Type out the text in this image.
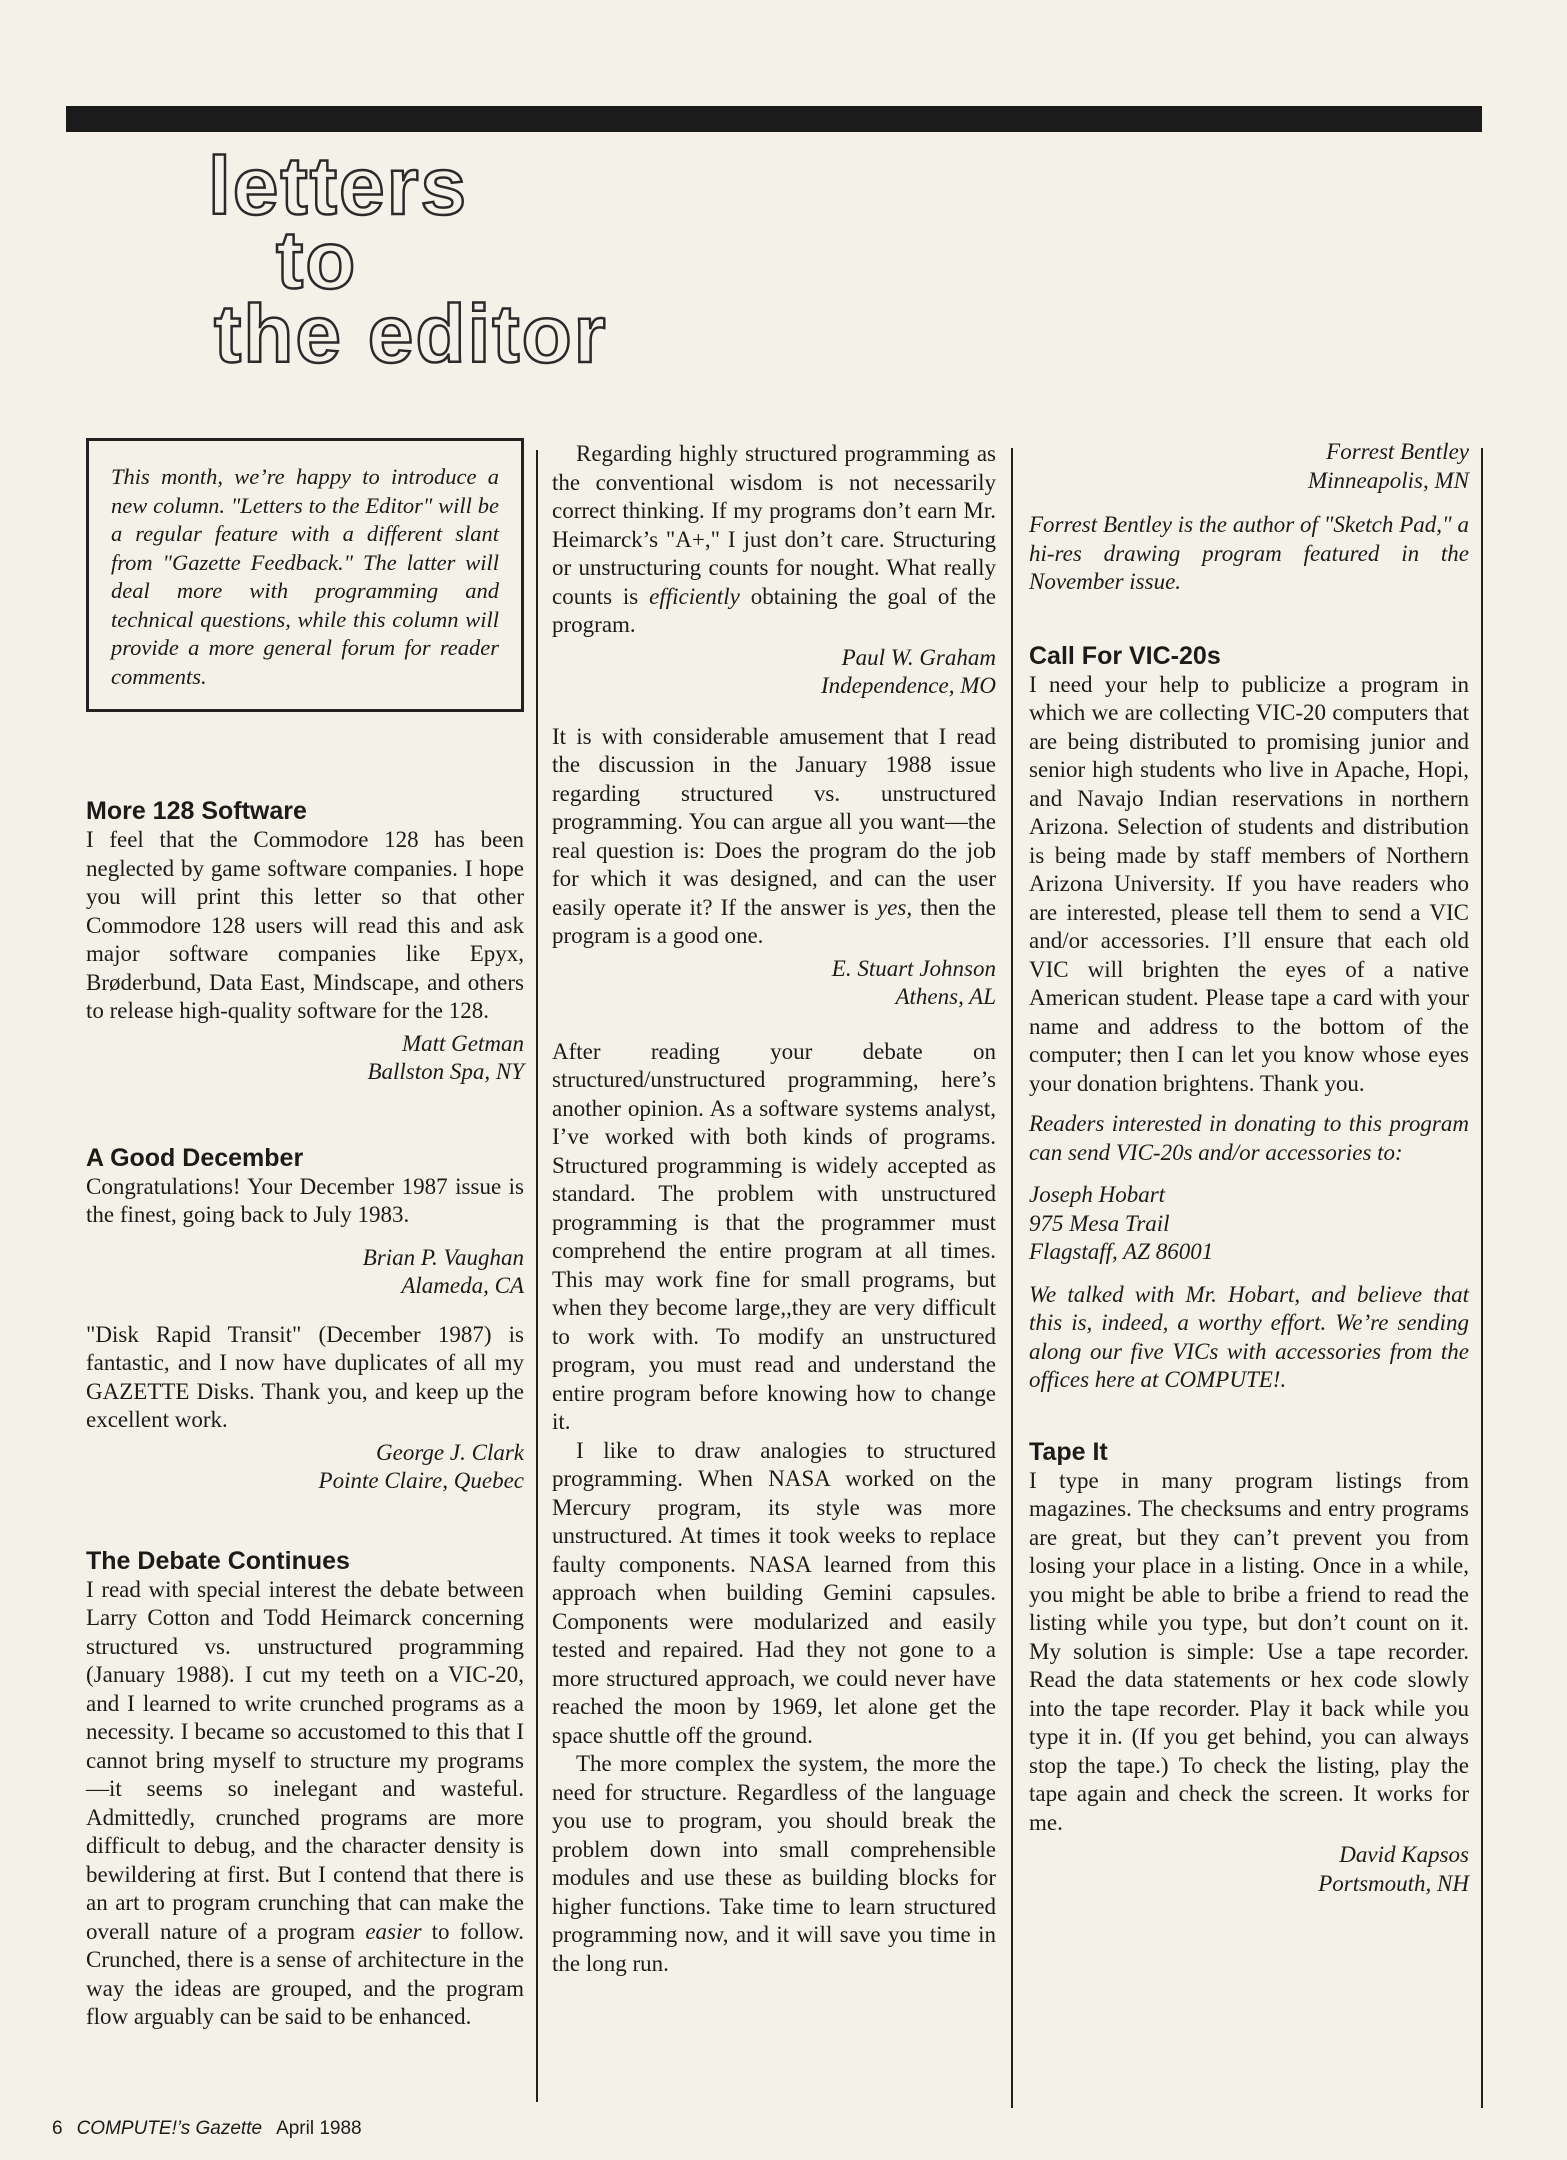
letters
to
the editor
This month, we’re happy to introduce a new column. "Letters to the Editor" will be a regular feature with a different slant from "Gazette Feedback." The latter will deal more with programming and technical questions, while this column will provide a more general forum for reader comments.
More 128 Software

I feel that the Commodore 128 has been neglected by game software companies. I hope you will print this letter so that other Commodore 128 users will read this and ask major software companies like Epyx, Brøderbund, Data East, Mindscape, and others to release high-quality software for the 128.

Matt Getman
Ballston Spa, NY
A Good December

Congratulations! Your December 1987 issue is the finest, going back to July 1983.

Brian P. Vaughan
Alameda, CA

"Disk Rapid Transit" (December 1987) is fantastic, and I now have duplicates of all my GAZETTE Disks. Thank you, and keep up the excellent work.

George J. Clark
Pointe Claire, Quebec
The Debate Continues

I read with special interest the debate between Larry Cotton and Todd Heimarck concerning structured vs. unstructured programming (January 1988). I cut my teeth on a VIC-20, and I learned to write crunched programs as a necessity. I became so accustomed to this that I cannot bring myself to structure my programs—it seems so inelegant and wasteful. Admittedly, crunched programs are more difficult to debug, and the character density is bewildering at first. But I contend that there is an art to program crunching that can make the overall nature of a program easier to follow. Crunched, there is a sense of architecture in the way the ideas are grouped, and the program flow arguably can be said to be enhanced.

Regarding highly structured programming as the conventional wisdom is not necessarily correct thinking. If my programs don’t earn Mr. Heimarck’s "A+," I just don’t care. Structuring or unstructuring counts for nought. What really counts is efficiently obtaining the goal of the program.

Paul W. Graham
Independence, MO

It is with considerable amusement that I read the discussion in the January 1988 issue regarding structured vs. unstructured programming. You can argue all you want—the real question is: Does the program do the job for which it was designed, and can the user easily operate it? If the answer is yes, then the program is a good one.

E. Stuart Johnson
Athens, AL

After reading your debate on structured/unstructured programming, here’s another opinion. As a software systems analyst, I’ve worked with both kinds of programs. Structured programming is widely accepted as standard. The problem with unstructured programming is that the programmer must comprehend the entire program at all times. This may work fine for small programs, but when they become large,,they are very difficult to work with. To modify an unstructured program, you must read and understand the entire program before knowing how to change it.

I like to draw analogies to structured programming. When NASA worked on the Mercury program, its style was more unstructured. At times it took weeks to replace faulty components. NASA learned from this approach when building Gemini capsules. Components were modularized and easily tested and repaired. Had they not gone to a more structured approach, we could never have reached the moon by 1969, let alone get the space shuttle off the ground.

The more complex the system, the more the need for structure. Regardless of the language you use to program, you should break the problem down into small comprehensible modules and use these as building blocks for higher functions. Take time to learn structured programming now, and it will save you time in the long run.

Forrest Bentley
Minneapolis, MN

Forrest Bentley is the author of "Sketch Pad," a hi-res drawing program featured in the November issue.

Call For VIC-20s

I need your help to publicize a program in which we are collecting VIC-20 computers that are being distributed to promising junior and senior high students who live in Apache, Hopi, and Navajo Indian reservations in northern Arizona. Selection of students and distribution is being made by staff members of Northern Arizona University. If you have readers who are interested, please tell them to send a VIC and/or accessories. I’ll ensure that each old VIC will brighten the eyes of a native American student. Please tape a card with your name and address to the bottom of the computer; then I can let you know whose eyes your donation brightens. Thank you.

Readers interested in donating to this program can send VIC-20s and/or accessories to:

Joseph Hobart
975 Mesa Trail
Flagstaff, AZ 86001

We talked with Mr. Hobart, and believe that this is, indeed, a worthy effort. We’re sending along our five VICs with accessories from the offices here at COMPUTE!.

Tape It

I type in many program listings from magazines. The checksums and entry programs are great, but they can’t prevent you from losing your place in a listing. Once in a while, you might be able to bribe a friend to read the listing while you type, but don’t count on it. My solution is simple: Use a tape recorder. Read the data statements or hex code slowly into the tape recorder. Play it back while you type it in. (If you get behind, you can always stop the tape.) To check the listing, play the tape again and check the screen. It works for me.

David Kapsos
Portsmouth, NH
6 COMPUTE!’s Gazette April 1988
